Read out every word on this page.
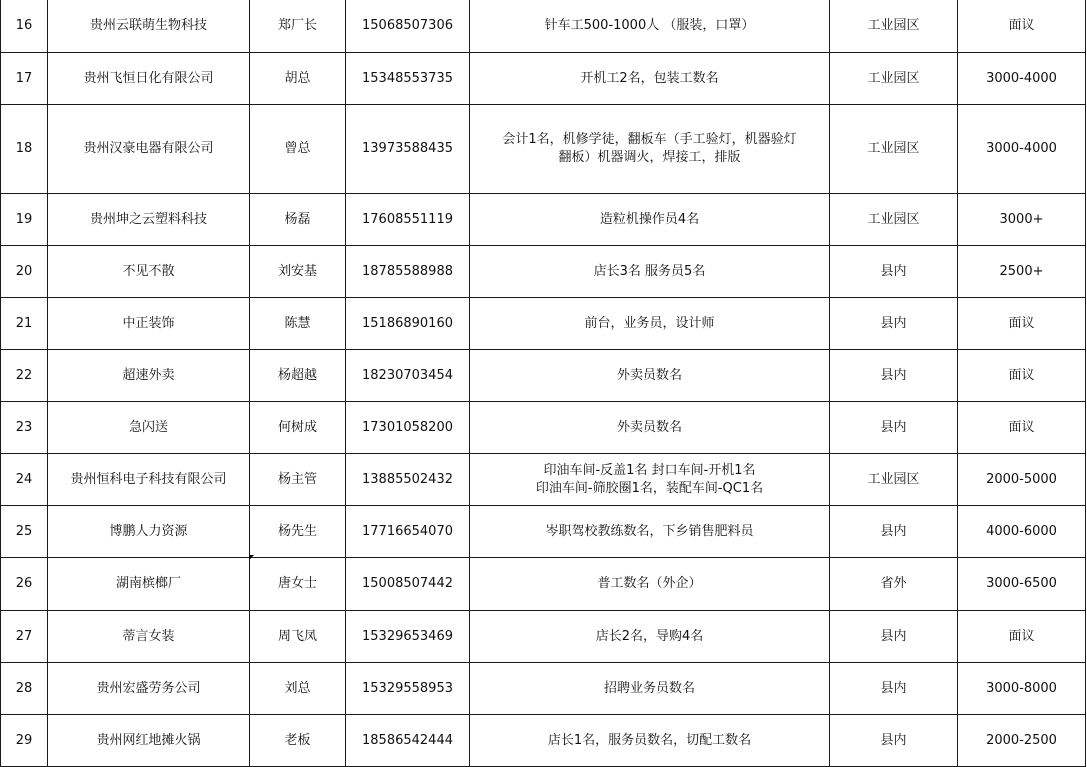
16	贵州云联萌生物科技	郑厂长	15068507306	针车工500-1000人 （服装，口罩）	工业园区	面议
17	贵州飞恒日化有限公司	胡总	15348553735	开机工2名，包装工数名	工业园区	3000-4000
18	贵州汉豪电器有限公司	曾总	13973588435	会计1名，机修学徒，翻板车（手工验灯，机器验灯
翻板）机器调火，焊接工，排版	工业园区	3000-4000
19	贵州坤之云塑料科技	杨磊	17608551119	造粒机操作员4名	工业园区	3000+
20	不见不散	刘安基	18785588988	店长3名 服务员5名	县内	2500+
21	中正装饰	陈慧	15186890160	前台，业务员，设计师	县内	面议
22	超速外卖	杨超越	18230703454	外卖员数名	县内	面议
23	急闪送	何树成	17301058200	外卖员数名	县内	面议
24	贵州恒科电子科技有限公司	杨主管	13885502432	印油车间-反盖1名 封口车间-开机1名
印油车间-筛胶圈1名，装配车间-QC1名	工业园区	2000-5000
25	博鹏人力资源	杨先生	17716654070	岑职驾校教练数名，下乡销售肥料员	县内	4000-6000
26	湖南槟榔厂	唐女士	15008507442	普工数名（外企）	省外	3000-6500
27	蒂言女装	周飞凤	15329653469	店长2名，导购4名	县内	面议
28	贵州宏盛劳务公司	刘总	15329558953	招聘业务员数名	县内	3000-8000
29	贵州网红地摊火锅	老板	18586542444	店长1名，服务员数名，切配工数名	县内	2000-2500
